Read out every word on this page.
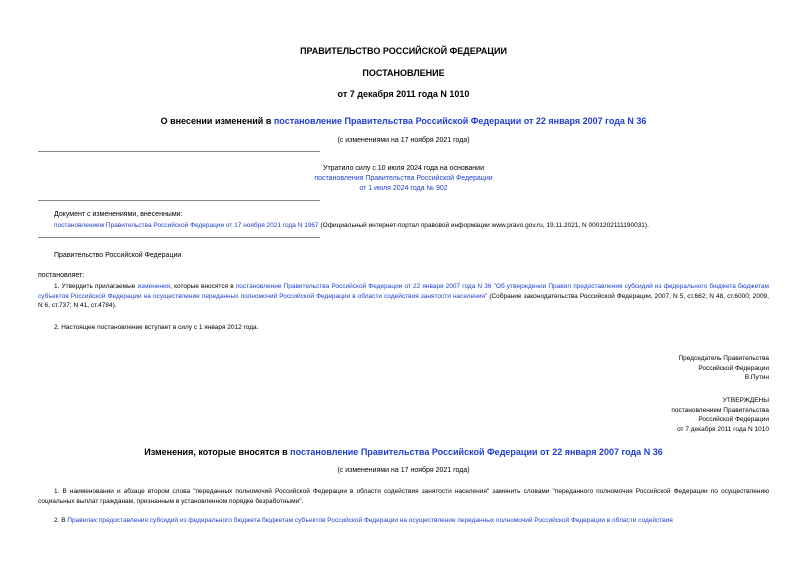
ПРАВИТЕЛЬСТВО РОССИЙСКОЙ ФЕДЕРАЦИИ
ПОСТАНОВЛЕНИЕ
от 7 декабря 2011 года N 1010
О внесении изменений в постановление Правительства Российской Федерации от 22 января 2007 года N 36
(с изменениями на 17 ноября 2021 года)
Утратило силу с 10 июля 2024 года на основании
постановления Правительства Российской Федерации
от 1 июля 2024 года № 902
Документ с изменениями, внесенными:
постановлением Правительства Российской Федерации от 17 ноября 2021 года N 1967 (Официальный интернет-портал правовой информации www.pravo.gov.ru, 19.11.2021, N 0001202111190031).
Правительство Российской Федерации
постановляет:
1. Утвердить прилагаемые изменения, которые вносятся в постановление Правительства Российской Федерации от 22 января 2007 года N 36 "Об утверждении Правил предоставления субсидий из федерального бюджета бюджетам субъектов Российской Федерации на осуществление переданных полномочий Российской Федерации в области содействия занятости населения" (Собрание законодательства Российской Федерации, 2007, N 5, ст.662; N 48, ст.6000; 2009, N 6, ст.737; N 41, ст.4784).
2. Настоящее постановление вступает в силу с 1 января 2012 года.
Председатель Правительства
Российской Федерации
В.Путин
УТВЕРЖДЕНЫ
постановлением Правительства
Российской Федерации
от 7 декабря 2011 года N 1010
Изменения, которые вносятся в постановление Правительства Российской Федерации от 22 января 2007 года N 36
(с изменениями на 17 ноября 2021 года)
1. В наименовании и абзаце втором слова "переданных полномочий Российской Федерации в области содействия занятости населения" заменить словами "переданного полномочия Российской Федерации по осуществлению социальных выплат гражданам, признанным в установленном порядке безработными".
2. В Правилах предоставления субсидий из федерального бюджета бюджетам субъектов Российской Федерации на осуществление переданных полномочий Российской Федерации в области содействия
